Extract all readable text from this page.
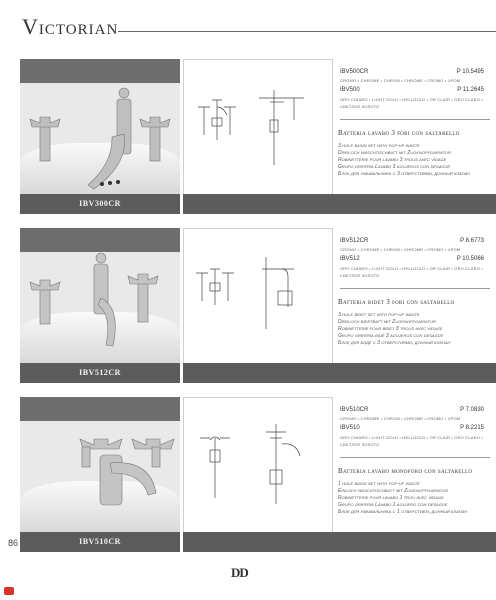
Victorian
IBV300CR
IBV500CR	P 10.5495
CROMO • CHROME • CHROM • CHROME • CROMO • ХРОМ
IBV500	P 11.2645
ORO CHIARO • LIGHT GOLD • HELLGOLD • OR CLAIR • ORO CLARO • СВЕТЛОЕ ЗОЛОТО
Batteria lavabo 3 fori con saltarello
3 hole basin set with pop-up waste
Dreiloch waschtischbatt mit Zugknopfgarnitur
Robinetterie pour lavabo 3 trous avec vidage
Grupo grifería Lavabo 3 agujeros con desagüe
Блок для умывальника с 3 отверстиями, донный клапан
IBV512CR
IBV512CR	P 8.6773
CROMO • CHROME • CHROM • CHROME • CROMO • ХРОМ
IBV512	P 10.5066
ORO CHIARO • LIGHT GOLD • HELLGOLD • OR CLAIR • ORO CLARO • СВЕТЛОЕ ЗОЛОТО
Batteria bidet 3 fori con saltarello
3 hole bidet set with pop-up waste
Dreiloch bidetbatt mit Zugknopfgarnitur
Robinetterie pour bidet 3 trous avec vidage
Grupo grifería bidé 3 agujeros con desagüe
Блок для биде с 3 отверстиями, донный клапан
IBV510CR
IBV510CR	P 7.0830
CROMO • CHROME • CHROM • CHROME • CROMO • ХРОМ
IBV510	P 8.2215
ORO CHIARO • LIGHT GOLD • HELLGOLD • OR CLAIR • ORO CLARO • СВЕТЛОЕ ЗОЛОТО
Batteria lavabo monoforo con saltarello
1 hole basin set with pop-up waste
Einloch waschtischbatt mit Zugknopfgarnitur
Robinetterie pour lavabo 1 trou avec vidage
Grupo grifería Lavabo 1 agujero con desagüe
Блок для умывальника с 1 отверстием, донный клапан
86
DD
